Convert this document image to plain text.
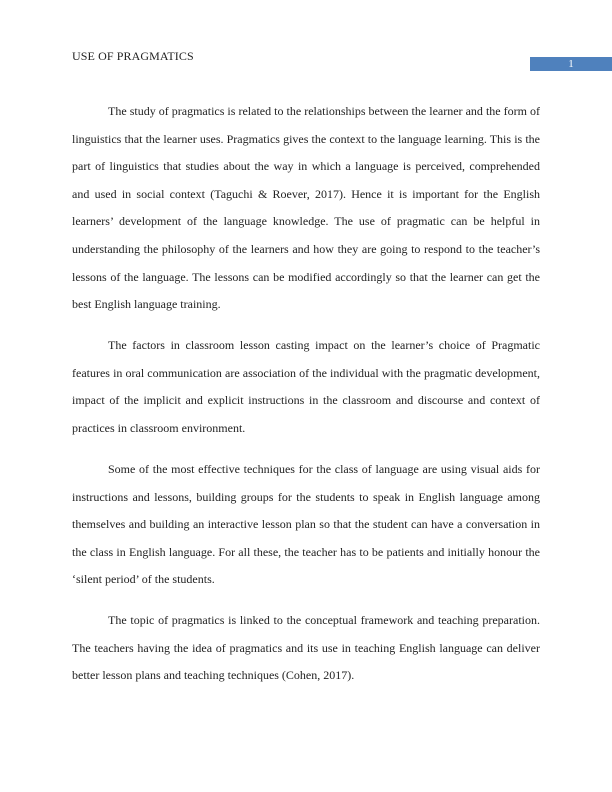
USE OF PRAGMATICS
1

The study of pragmatics is related to the relationships between the learner and the form of linguistics that the learner uses. Pragmatics gives the context to the language learning. This is the part of linguistics that studies about the way in which a language is perceived, comprehended and used in social context (Taguchi & Roever, 2017). Hence it is important for the English learners’ development of the language knowledge. The use of pragmatic can be helpful in understanding the philosophy of the learners and how they are going to respond to the teacher’s lessons of the language. The lessons can be modified accordingly so that the learner can get the best English language training.

The factors in classroom lesson casting impact on the learner’s choice of Pragmatic features in oral communication are association of the individual with the pragmatic development, impact of the implicit and explicit instructions in the classroom and discourse and context of practices in classroom environment.

Some of the most effective techniques for the class of language are using visual aids for instructions and lessons, building groups for the students to speak in English language among themselves and building an interactive lesson plan so that the student can have a conversation in the class in English language. For all these, the teacher has to be patients and initially honour the ‘silent period’ of the students.

The topic of pragmatics is linked to the conceptual framework and teaching preparation. The teachers having the idea of pragmatics and its use in teaching English language can deliver better lesson plans and teaching techniques (Cohen, 2017).
